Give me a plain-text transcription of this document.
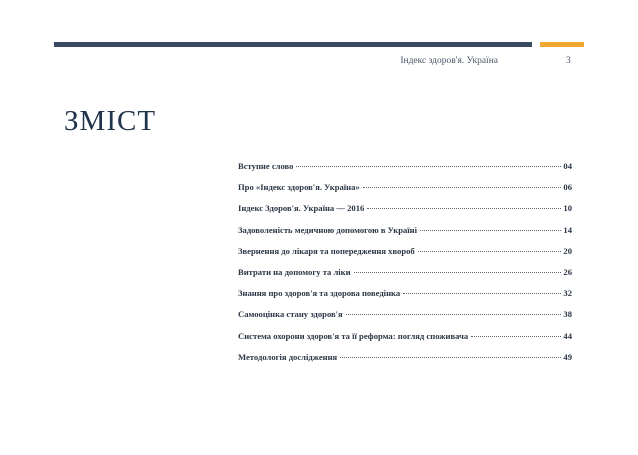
Індекс здоров'я. Україна	3
ЗМІСТ
Вступне слово	04
Про «Індекс здоров'я. Україна»	06
Індекс Здоров'я. Україна — 2016	10
Задоволеність медичною допомогою в Україні	14
Звернення до лікаря та попередження хвороб	20
Витрати на допомогу та ліки	26
Знання про здоров'я та здорова поведінка	32
Самооцінка стану здоров'я	38
Система охорони здоров'я та її реформа: погляд споживача	44
Методологія дослідження	49
